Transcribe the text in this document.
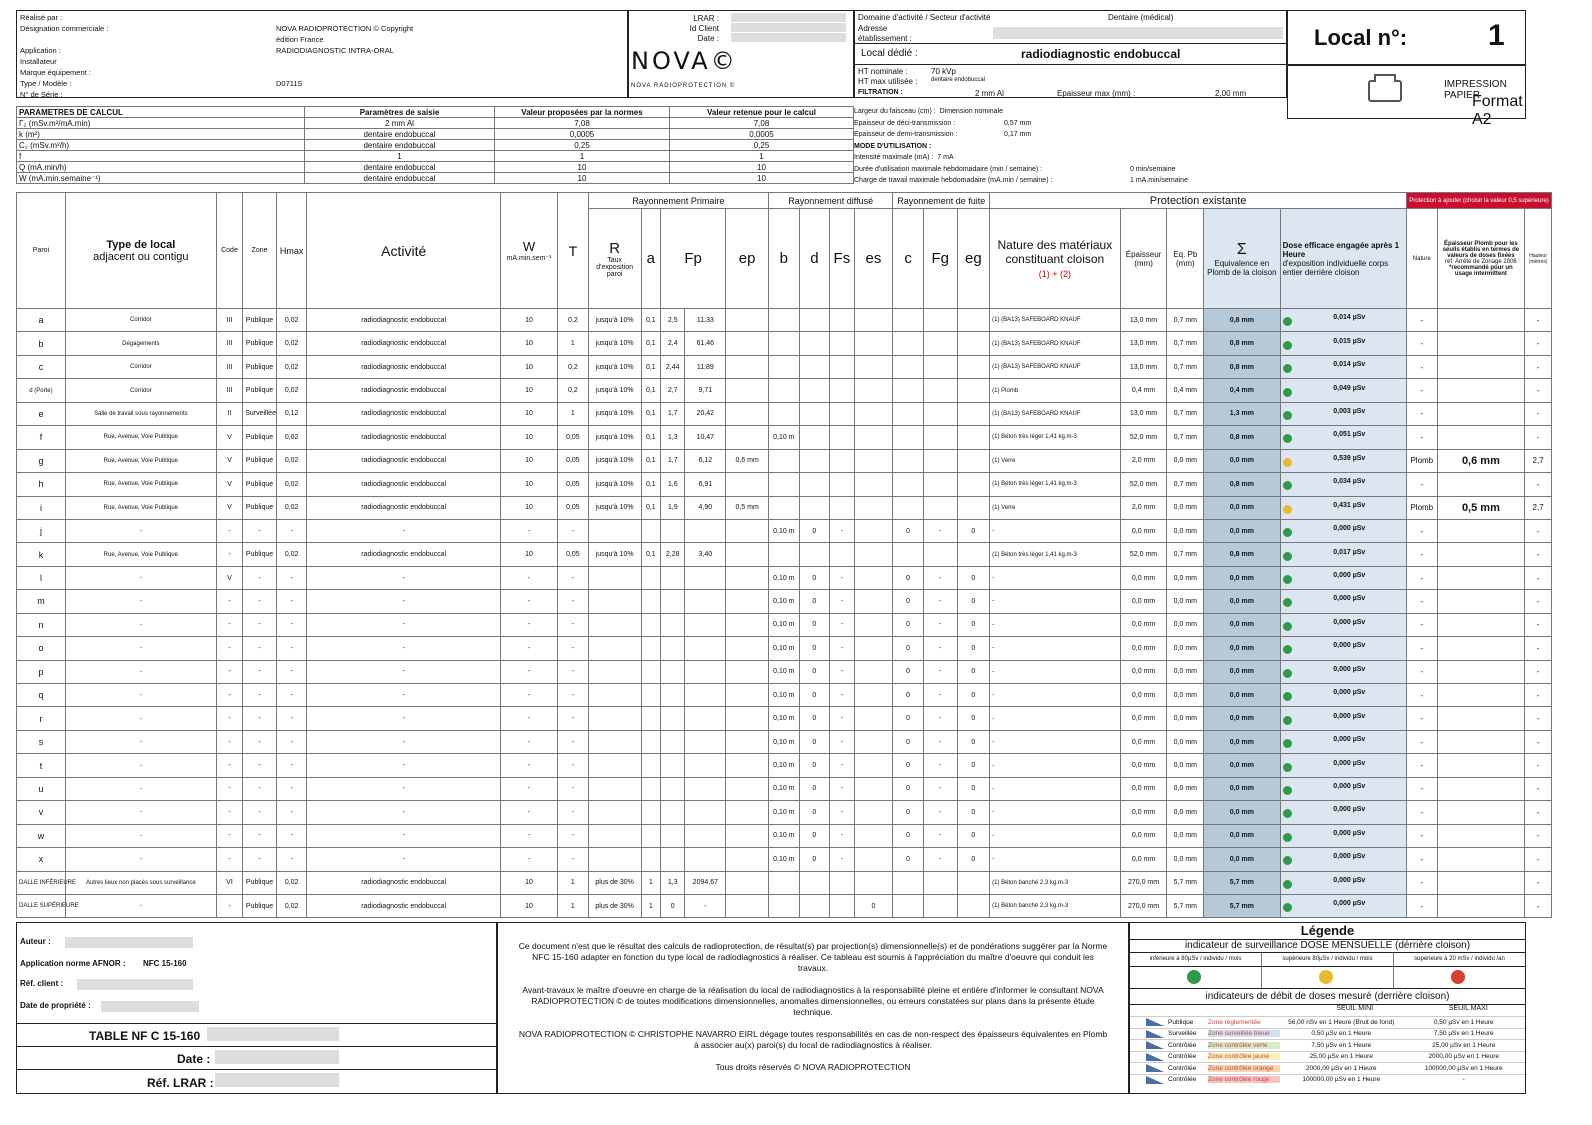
Réalisé par :
Désignation commerciale :	NOVA RADIOPROTECTION © Copyright
édition France
Application :	RADIODIAGNOSTIC INTRA-ORAL
Installateur
Marque équipement :
Type / Modèle :	D0711S
N° de Série :
LRAR :
Id Client
Date :
NOVA©
NOVA RADIOPROTECTION ©
Domaine d'activité / Secteur d'activité	Dentaire (médical)
Adresse
établissement :
Local dédié :	radiodiagnostic endobuccal
HT nominale :	70 kVp
HT max utilisée : dentaire endobuccal
FILTRATION :	2 mm Al	Epaisseur max (mm) :	2,00 mm
Local n°:	1
IMPRESSION PAPIER
Format A2
PARAMETRES DE CALCUL	Paramètres de saisie	Valeur proposées par la normes	Valeur retenue pour le calcul
Γ₂ (mSv.m²/mA.min)	2 mm Al	7,08	7,08
k (m²)	dentaire endobuccal	0,0005	0,0005
C₂ (mSv.m²/h)	dentaire endobuccal	0,25	0,25
f	1	1	1
Q (mA.min/h)	dentaire endobuccal	10	10
W (mA.min.semaine⁻¹)	dentaire endobuccal	10	10
Largeur du faisceau (cm) : Dimension nominale
Epaisseur de déci-transmission :	0,57 mm
Epaisseur de demi-transmission :	0,17 mm
MODE D'UTILISATION :
Intensité maximale (mA) : 7 mA
Durée d'utilisation maximale hebdomadaire (min / semaine) :	0 min/semaine
Charge de travail maximale hebdomadaire (mA.min / semaine) :	1 mA.min/semaine
Paroi	Type de local
adjacent ou contigu	Code	Zone	Hmax	Activité	W
mA.min.sem⁻¹	T	Rayonnement Primaire					Rayonnement diffusé				Rayonnement de fuite			Protection existante					Protection à ajouter (choisir la valeur 0,5 supérieure)		
								R
Taux d'exposition paroi	a	Fp		ep	b	d	Fs	es	c	Fg	eg	Nature des matériaux constituant cloison
(1) + (2)	Épaisseur (mm)	Eq. Pb (mm)	Σ
Equivalence en Plomb de la cloison	Dose efficace engagée après 1 Heure
d'exposition individuelle corps entier derrière cloison	Nature	Épaisseur Plomb pour les seuils établis en termes de valeurs de doses fixées
réf. Arrêté de Zonage 2006
*recommandé pour un usage intermittent	Hauteur (mètres)
a	Corridor	III	Publique	0,02	radiodiagnostic endobuccal	10	0,2	jusqu'à 10%	0,1	2,5	11,33									(1) (BA13) SAFEBOARD KNAUF	13,0 mm	0,7 mm	0,8 mm	0,014 µSv	-		-
b	Dégagements	III	Publique	0,02	radiodiagnostic endobuccal	10	1	jusqu'à 10%	0,1	2,4	61,46									(1) (BA13) SAFEBOARD KNAUF	13,0 mm	0,7 mm	0,8 mm	0,015 µSv	-		-
c	Corridor	III	Publique	0,02	radiodiagnostic endobuccal	10	0,2	jusqu'à 10%	0,1	2,44	11,89									(1) (BA13) SAFEBOARD KNAUF	13,0 mm	0,7 mm	0,8 mm	0,014 µSv	-		-
d (Porte)	Corridor	III	Publique	0,02	radiodiagnostic endobuccal	10	0,2	jusqu'à 10%	0,1	2,7	9,71									(1) Plomb	0,4 mm	0,4 mm	0,4 mm	0,049 µSv	-		-
e	Salle de travail sous rayonnements	II	Surveillée	0,12	radiodiagnostic endobuccal	10	1	jusqu'à 10%	0,1	1,7	20,42									(1) (BA13) SAFEBOARD KNAUF	13,0 mm	0,7 mm	1,3 mm	0,003 µSv	-		-
f	Rue, Avenue, Voie Publique	V	Publique	0,02	radiodiagnostic endobuccal	10	0,05	jusqu'à 10%	0,1	1,3	10,47		0,10 m							(1) Béton très léger 1,41 kg.m-3	52,0 mm	0,7 mm	0,8 mm	0,051 µSv	-		-
g	Rue, Avenue, Voie Publique	V	Publique	0,02	radiodiagnostic endobuccal	10	0,05	jusqu'à 10%	0,1	1,7	6,12	0,6 mm								(1) Verre	2,0 mm	0,0 mm	0,0 mm	0,539 µSv	Plomb	0,6 mm	2,7
h	Rue, Avenue, Voie Publique	V	Publique	0,02	radiodiagnostic endobuccal	10	0,05	jusqu'à 10%	0,1	1,6	6,91									(1) Béton très léger 1,41 kg.m-3	52,0 mm	0,7 mm	0,8 mm	0,034 µSv	-		-
i	Rue, Avenue, Voie Publique	V	Publique	0,02	radiodiagnostic endobuccal	10	0,05	jusqu'à 10%	0,1	1,9	4,90	0,5 mm								(1) Verre	2,0 mm	0,0 mm	0,0 mm	0,431 µSv	Plomb	0,5 mm	2,7
j	-	-	-	-	-	-	-						0,10 m	0	-		0	-	0	-	0,0 mm	0,0 mm	0,0 mm	0,000 µSv	-		-
k	Rue, Avenue, Voie Publique	-	Publique	0,02	radiodiagnostic endobuccal	10	0,05	jusqu'à 10%	0,1	2,28	3,40									(1) Béton très léger 1,41 kg.m-3	52,0 mm	0,7 mm	0,8 mm	0,017 µSv	-		-
l	-	V	-	-	-	-	-						0,10 m	0	-		0	-	0	-	0,0 mm	0,0 mm	0,0 mm	0,000 µSv	-		-
m	-	-	-	-	-	-	-						0,10 m	0	-		0	-	0	-	0,0 mm	0,0 mm	0,0 mm	0,000 µSv	-		-
n	-	-	-	-	-	-	-						0,10 m	0	-		0	-	0	-	0,0 mm	0,0 mm	0,0 mm	0,000 µSv	-		-
o	-	-	-	-	-	-	-						0,10 m	0	-		0	-	0	-	0,0 mm	0,0 mm	0,0 mm	0,000 µSv	-		-
p	-	-	-	-	-	-	-						0,10 m	0	-		0	-	0	-	0,0 mm	0,0 mm	0,0 mm	0,000 µSv	-		-
q	-	-	-	-	-	-	-						0,10 m	0	-		0	-	0	-	0,0 mm	0,0 mm	0,0 mm	0,000 µSv	-		-
r	-	-	-	-	-	-	-						0,10 m	0	-		0	-	0	-	0,0 mm	0,0 mm	0,0 mm	0,000 µSv	-		-
s	-	-	-	-	-	-	-						0,10 m	0	-		0	-	0	-	0,0 mm	0,0 mm	0,0 mm	0,000 µSv	-		-
t	-	-	-	-	-	-	-						0,10 m	0	-		0	-	0	-	0,0 mm	0,0 mm	0,0 mm	0,000 µSv	-		-
u	-	-	-	-	-	-	-						0,10 m	0	-		0	-	0	-	0,0 mm	0,0 mm	0,0 mm	0,000 µSv	-		-
v	-	-	-	-	-	-	-						0,10 m	0	-		0	-	0	-	0,0 mm	0,0 mm	0,0 mm	0,000 µSv	-		-
w	-	-	-	-	-	-	-						0,10 m	0	-		0	-	0	-	0,0 mm	0,0 mm	0,0 mm	0,000 µSv	-		-
x	-	-	-	-	-	-	-						0,10 m	0	-		0	-	0	-	0,0 mm	0,0 mm	0,0 mm	0,000 µSv	-		-
DALLE INFÉRIEURE	Autres lieux non placés sous surveillance	VI	Publique	0,02	radiodiagnostic endobuccal	10	1	plus de 30%	1	1,3	2094,67									(1) Béton banché 2,3 kg.m-3	270,0 mm	5,7 mm	5,7 mm	0,000 µSv	-		-
DALLE SUPÉRIEURE	-	-	Publique	0,02	radiodiagnostic endobuccal	10	1	plus de 30%	1	0	-					0				(1) Béton banché 2,3 kg.m-3	270,0 mm	5,7 mm	5,7 mm	0,000 µSv	-		-
Auteur :
Application norme AFNOR : NFC 15-160
Réf. client :
Date de propriété :
TABLE NF C 15-160
Date :
Réf. LRAR :

Ce document n'est que le résultat des calculs de radioprotection, de résultat(s) par projection(s) dimensionnelle(s) et de pondérations suggérer par la Norme NFC 15-160 adapter en fonction du type local de radiodiagnostics à réaliser. Ce tableau est soumis à l'appréciation du maître d'oeuvre qui conduit les travaux.

Avant-travaux le maître d'oeuvre en charge de la réalisation du local de radiodiagnostics à la responsabilité pleine et entière d'informer le consultant NOVA RADIOPROTECTION © de toutes modifications dimensionnelles, anomalies dimensionnelles, ou erreurs constatées sur plans dans la présente étude technique.

NOVA RADIOPROTECTION © CHRISTOPHE NAVARRO EIRL dégage toutes responsabilités en cas de non-respect des épaisseurs équivalentes en Plomb à associer au(x) paroi(s) du local de radiodiagnostics à réaliser.

Tous droits réservés © NOVA RADIOPROTECTION

Légende
indicateur de surveillance DOSE MENSUELLE (dérrière cloison)
inférieure à 80µSv / individu / mois	supérieure 80µSv / individu / mois	supérieure à 20 mSv / individu /an
indicateurs de débit de doses mesuré (derrière cloison)
SEUIL MINI	SEUIL MAXI
Publique	Zone réglementée	56,00 nSv en 1 Heure (Bruit de fond)	0,50 µSv en 1 Heure
Surveillée	Zone surveillée bleue	0,50 µSv en 1 Heure	7,50 µSv en 1 Heure
Contrôlée	Zone contrôlée verte	7,50 µSv en 1 Heure	25,00 µSv en 1 Heure
Contrôlée	Zone contrôlée jaune	25,00 µSv en 1 Heure	2000,00 µSv en 1 Heure
Contrôlée	Zone contrôlée orange	2000,00 µSv en 1 Heure	100000,00 µSv en 1 Heure
Contrôlée	Zone contrôlée rouge	100000,00 µSv en 1 Heure	-
